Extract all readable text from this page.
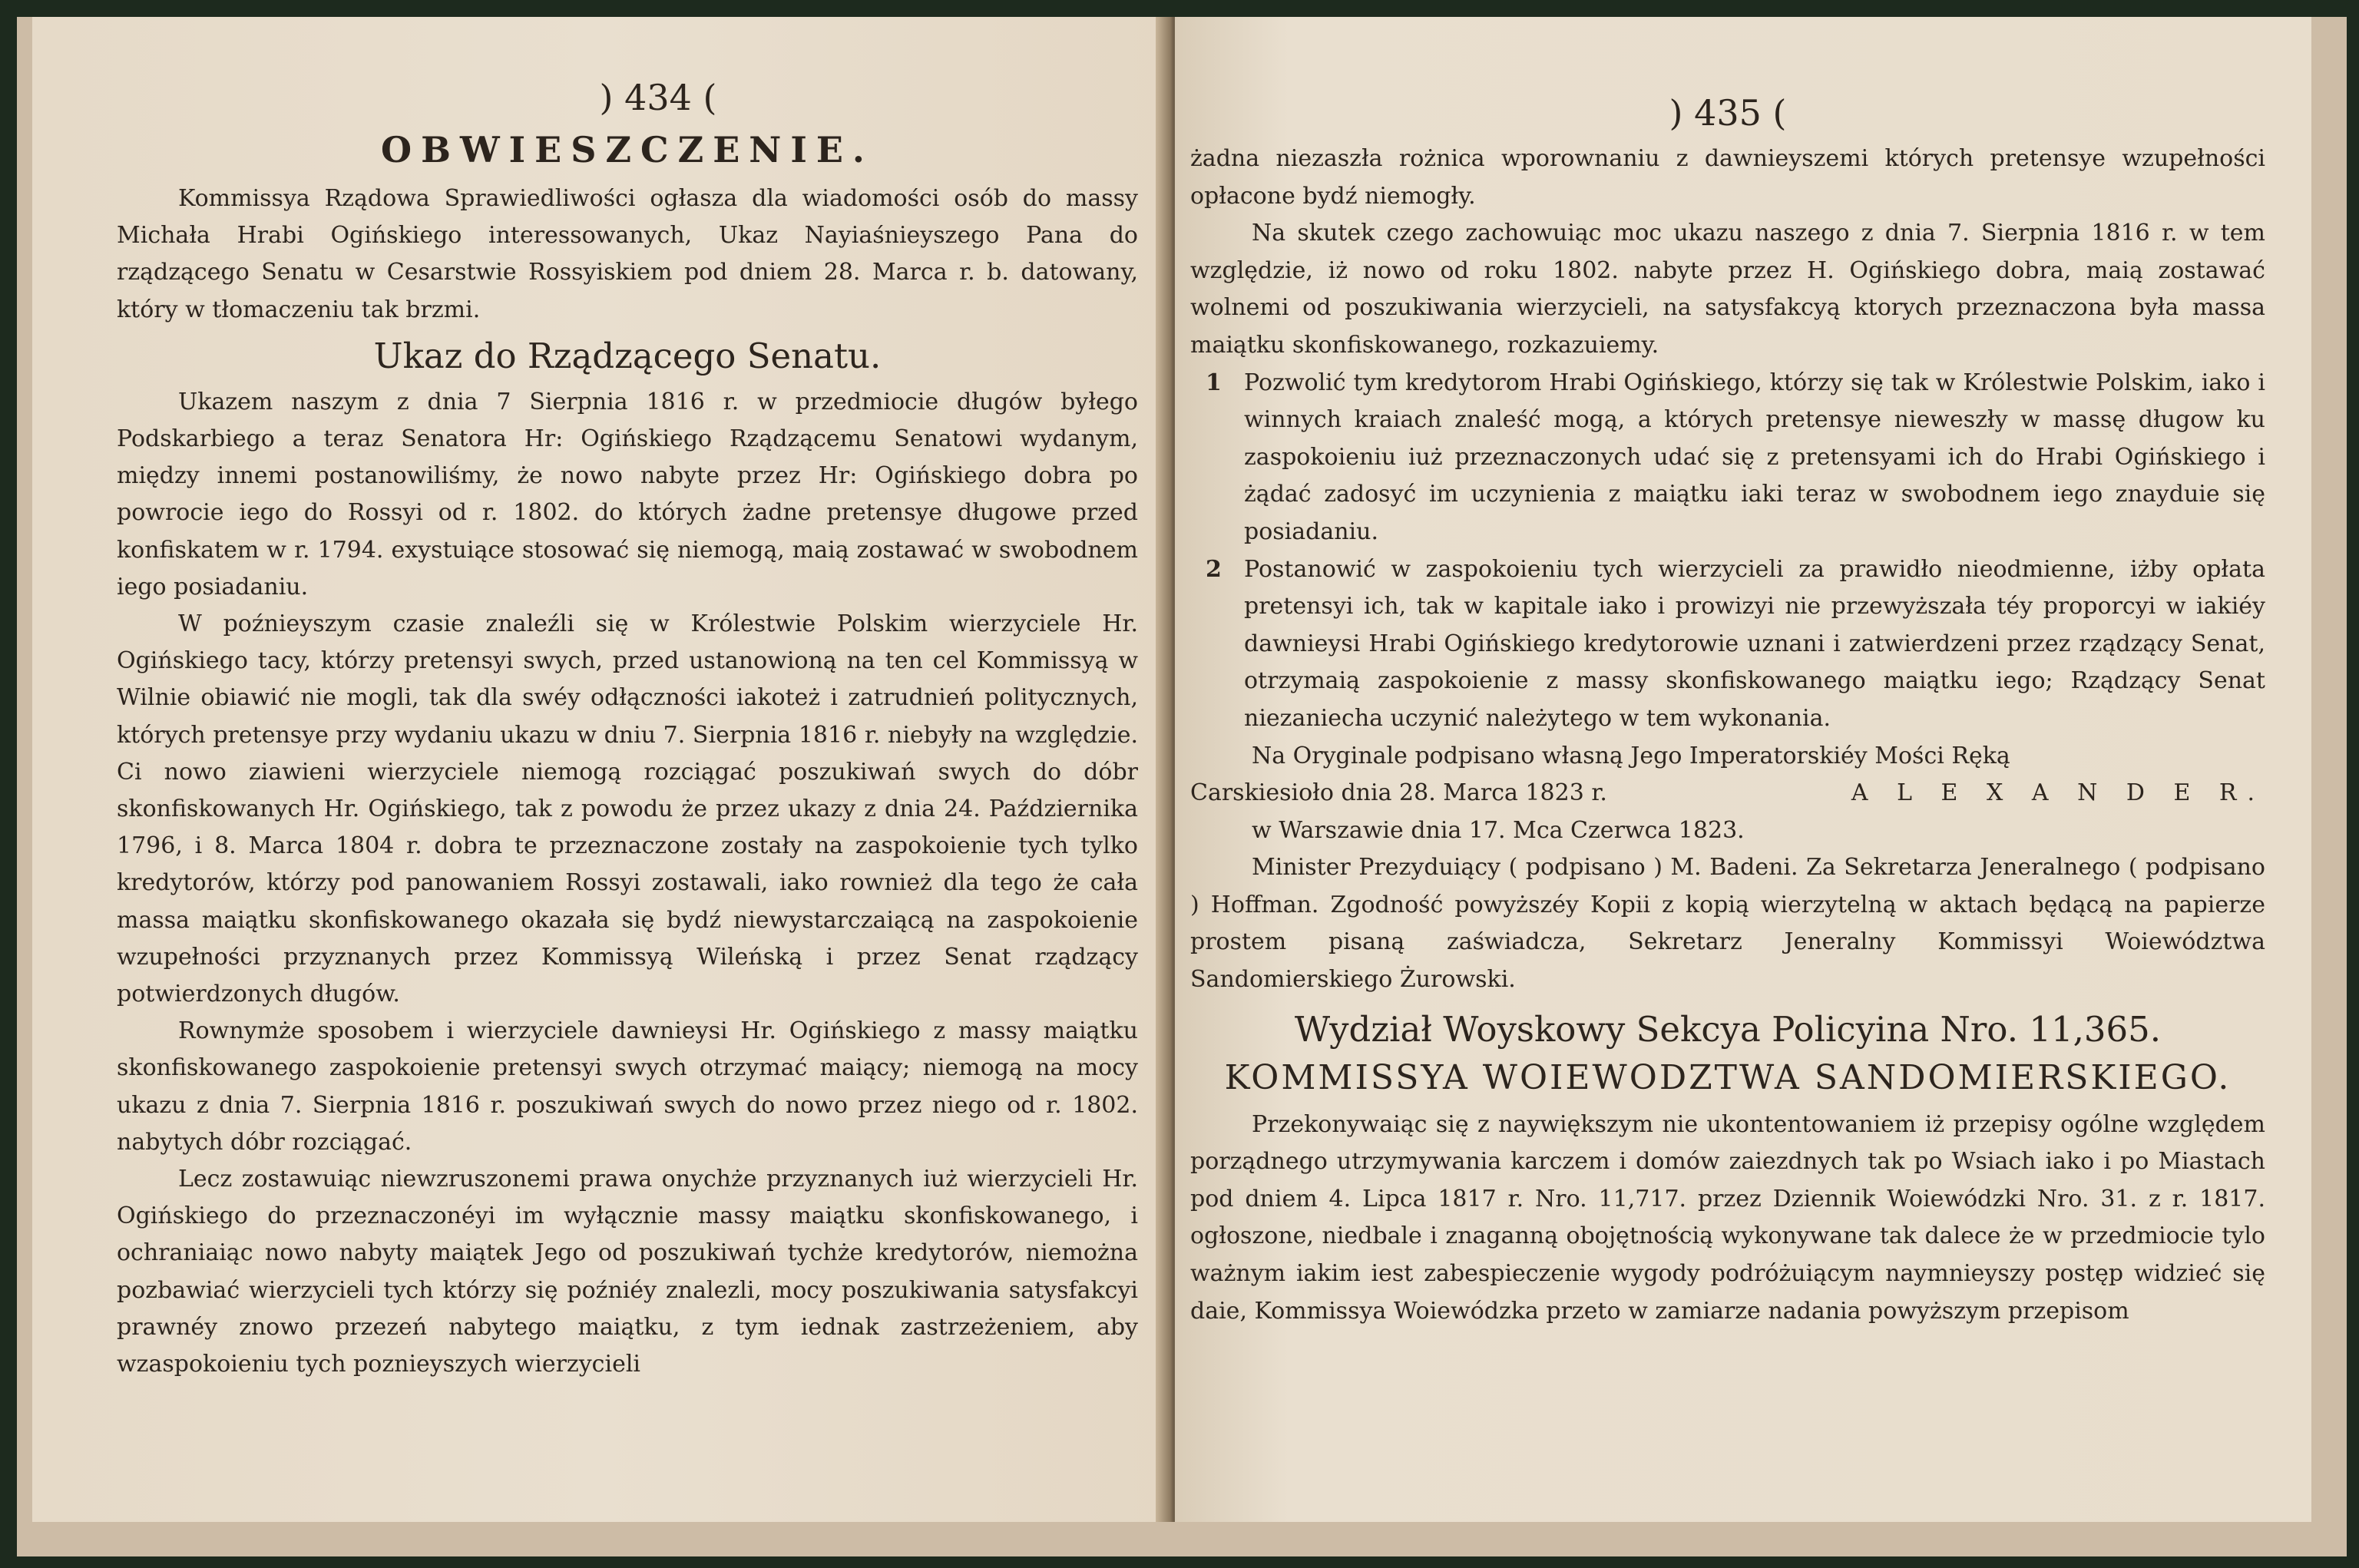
) 434 (
OBWIESZCZENIE.

Kommissya Rządowa Sprawiedliwości ogłasza dla wiadomości osób do massy Michała Hrabi Ogińskiego interessowanych, Ukaz Nayiaśnieyszego Pana do rządzącego Senatu w Cesarstwie Rossyiskiem pod dniem 28. Marca r. b. datowany, który w tłomaczeniu tak brzmi.

Ukaz do Rządzącego Senatu.

Ukazem naszym z dnia 7 Sierpnia 1816 r. w przedmiocie długów byłego Podskarbiego a teraz Senatora Hr: Ogińskiego Rządzącemu Senatowi wydanym, między innemi postanowiliśmy, że nowo nabyte przez Hr: Ogińskiego dobra po powrocie iego do Rossyi od r. 1802. do których żadne pretensye długowe przed konfiskatem w r. 1794. exystuiące stosować się niemogą, maią zostawać w swobodnem iego posiadaniu.

W poźnieyszym czasie znaleźli się w Królestwie Polskim wierzyciele Hr. Ogińskiego tacy, którzy pretensyi swych, przed ustanowioną na ten cel Kommissyą w Wilnie obiawić nie mogli, tak dla swéy odłączności iakoteż i zatrudnień politycznych, których pretensye przy wydaniu ukazu w dniu 7. Sierpnia 1816 r. niebyły na względzie. Ci nowo ziawieni wierzyciele niemogą rozciągać poszukiwań swych do dóbr skonfiskowanych Hr. Ogińskiego, tak z powodu że przez ukazy z dnia 24. Października 1796, i 8. Marca 1804 r. dobra te przeznaczone zostały na zaspokoienie tych tylko kredytorów, którzy pod panowaniem Rossyi zostawali, iako rownież dla tego że cała massa maiątku skonfiskowanego okazała się bydź niewystarczaiącą na zaspokoienie wzupełności przyznanych przez Kommissyą Wileńską i przez Senat rządzący potwierdzonych długów.

Rownymże sposobem i wierzyciele dawnieysi Hr. Ogińskiego z massy maiątku skonfiskowanego zaspokoienie pretensyi swych otrzymać maiący; niemogą na mocy ukazu z dnia 7. Sierpnia 1816 r. poszukiwań swych do nowo przez niego od r. 1802. nabytych dóbr rozciągać.

Lecz zostawuiąc niewzruszonemi prawa onychże przyznanych iuż wierzycieli Hr. Ogińskiego do przeznaczonéyi im wyłącznie massy maiątku skonfiskowanego, i ochraniaiąc nowo nabyty maiątek Jego od poszukiwań tychże kredytorów, niemożna pozbawiać wierzycieli tych którzy się poźniéy znalezli, mocy poszukiwania satysfakcyi prawnéy znowo przezeń nabytego maiątku, z tym iednak zastrzeżeniem, aby wzaspokoieniu tych poznieyszych wierzycieli

) 435 (

żadna niezaszła rożnica wporownaniu z dawnieyszemi których pretensye wzupełności opłacone bydź niemogły.

Na skutek czego zachowuiąc moc ukazu naszego z dnia 7. Sierpnia 1816 r. w tem względzie, iż nowo od roku 1802. nabyte przez H. Ogińskiego dobra, maią zostawać wolnemi od poszukiwania wierzycieli, na satysfakcyą ktorych przeznaczona była massa maiątku skonfiskowanego, rozkazuiemy.

1 Pozwolić tym kredytorom Hrabi Ogińskiego, którzy się tak w Królestwie Polskim, iako i winnych kraiach znaleść mogą, a których pretensye nieweszły w massę długow ku zaspokoieniu iuż przeznaczonych udać się z pretensyami ich do Hrabi Ogińskiego i żądać zadosyć im uczynienia z maiątku iaki teraz w swobodnem iego znayduie się posiadaniu.

2 Postanowić w zaspokoieniu tych wierzycieli za prawidło nieodmienne, iżby opłata pretensyi ich, tak w kapitale iako i prowizyi nie przewyższała téy proporcyi w iakiéy dawnieysi Hrabi Ogińskiego kredytorowie uznani i zatwierdzeni przez rządzący Senat, otrzymaią zaspokoienie z massy skonfiskowanego maiątku iego; Rządzący Senat niezaniecha uczynić należytego w tem wykonania.

Na Oryginale podpisano własną Jego Imperatorskiéy Mości Ręką

Carskiesioło dnia 28. Marca 1823 r.	A L E X A N D E R.

w Warszawie dnia 17. Mca Czerwca 1823.

Minister Prezyduiący ( podpisano ) M. Badeni. Za Sekretarza Jeneralnego ( podpisano ) Hoffman. Zgodność powyższéy Kopii z kopią wierzytelną w aktach będącą na papierze prostem pisaną zaświadcza, Sekretarz Jeneralny Kommissyi Woiewództwa Sandomierskiego Żurowski.

Wydział Woyskowy Sekcya Policyina Nro. 11,365.
KOMMISSYA WOIEWODZTWA SANDOMIERSKIEGO.

Przekonywaiąc się z naywiększym nie ukontentowaniem iż przepisy ogólne względem porządnego utrzymywania karczem i domów zaiezdnych tak po Wsiach iako i po Miastach pod dniem 4. Lipca 1817 r. Nro. 11,717. przez Dziennik Woiewódzki Nro. 31. z r. 1817. ogłoszone, niedbale i znaganną obojętnością wykonywane tak dalece że w przedmiocie tylo ważnym iakim iest zabespieczenie wygody podróżuiącym naymnieyszy postęp widzieć się daie, Kommissya Woiewódzka przeto w zamiarze nadania powyższym przepisom
